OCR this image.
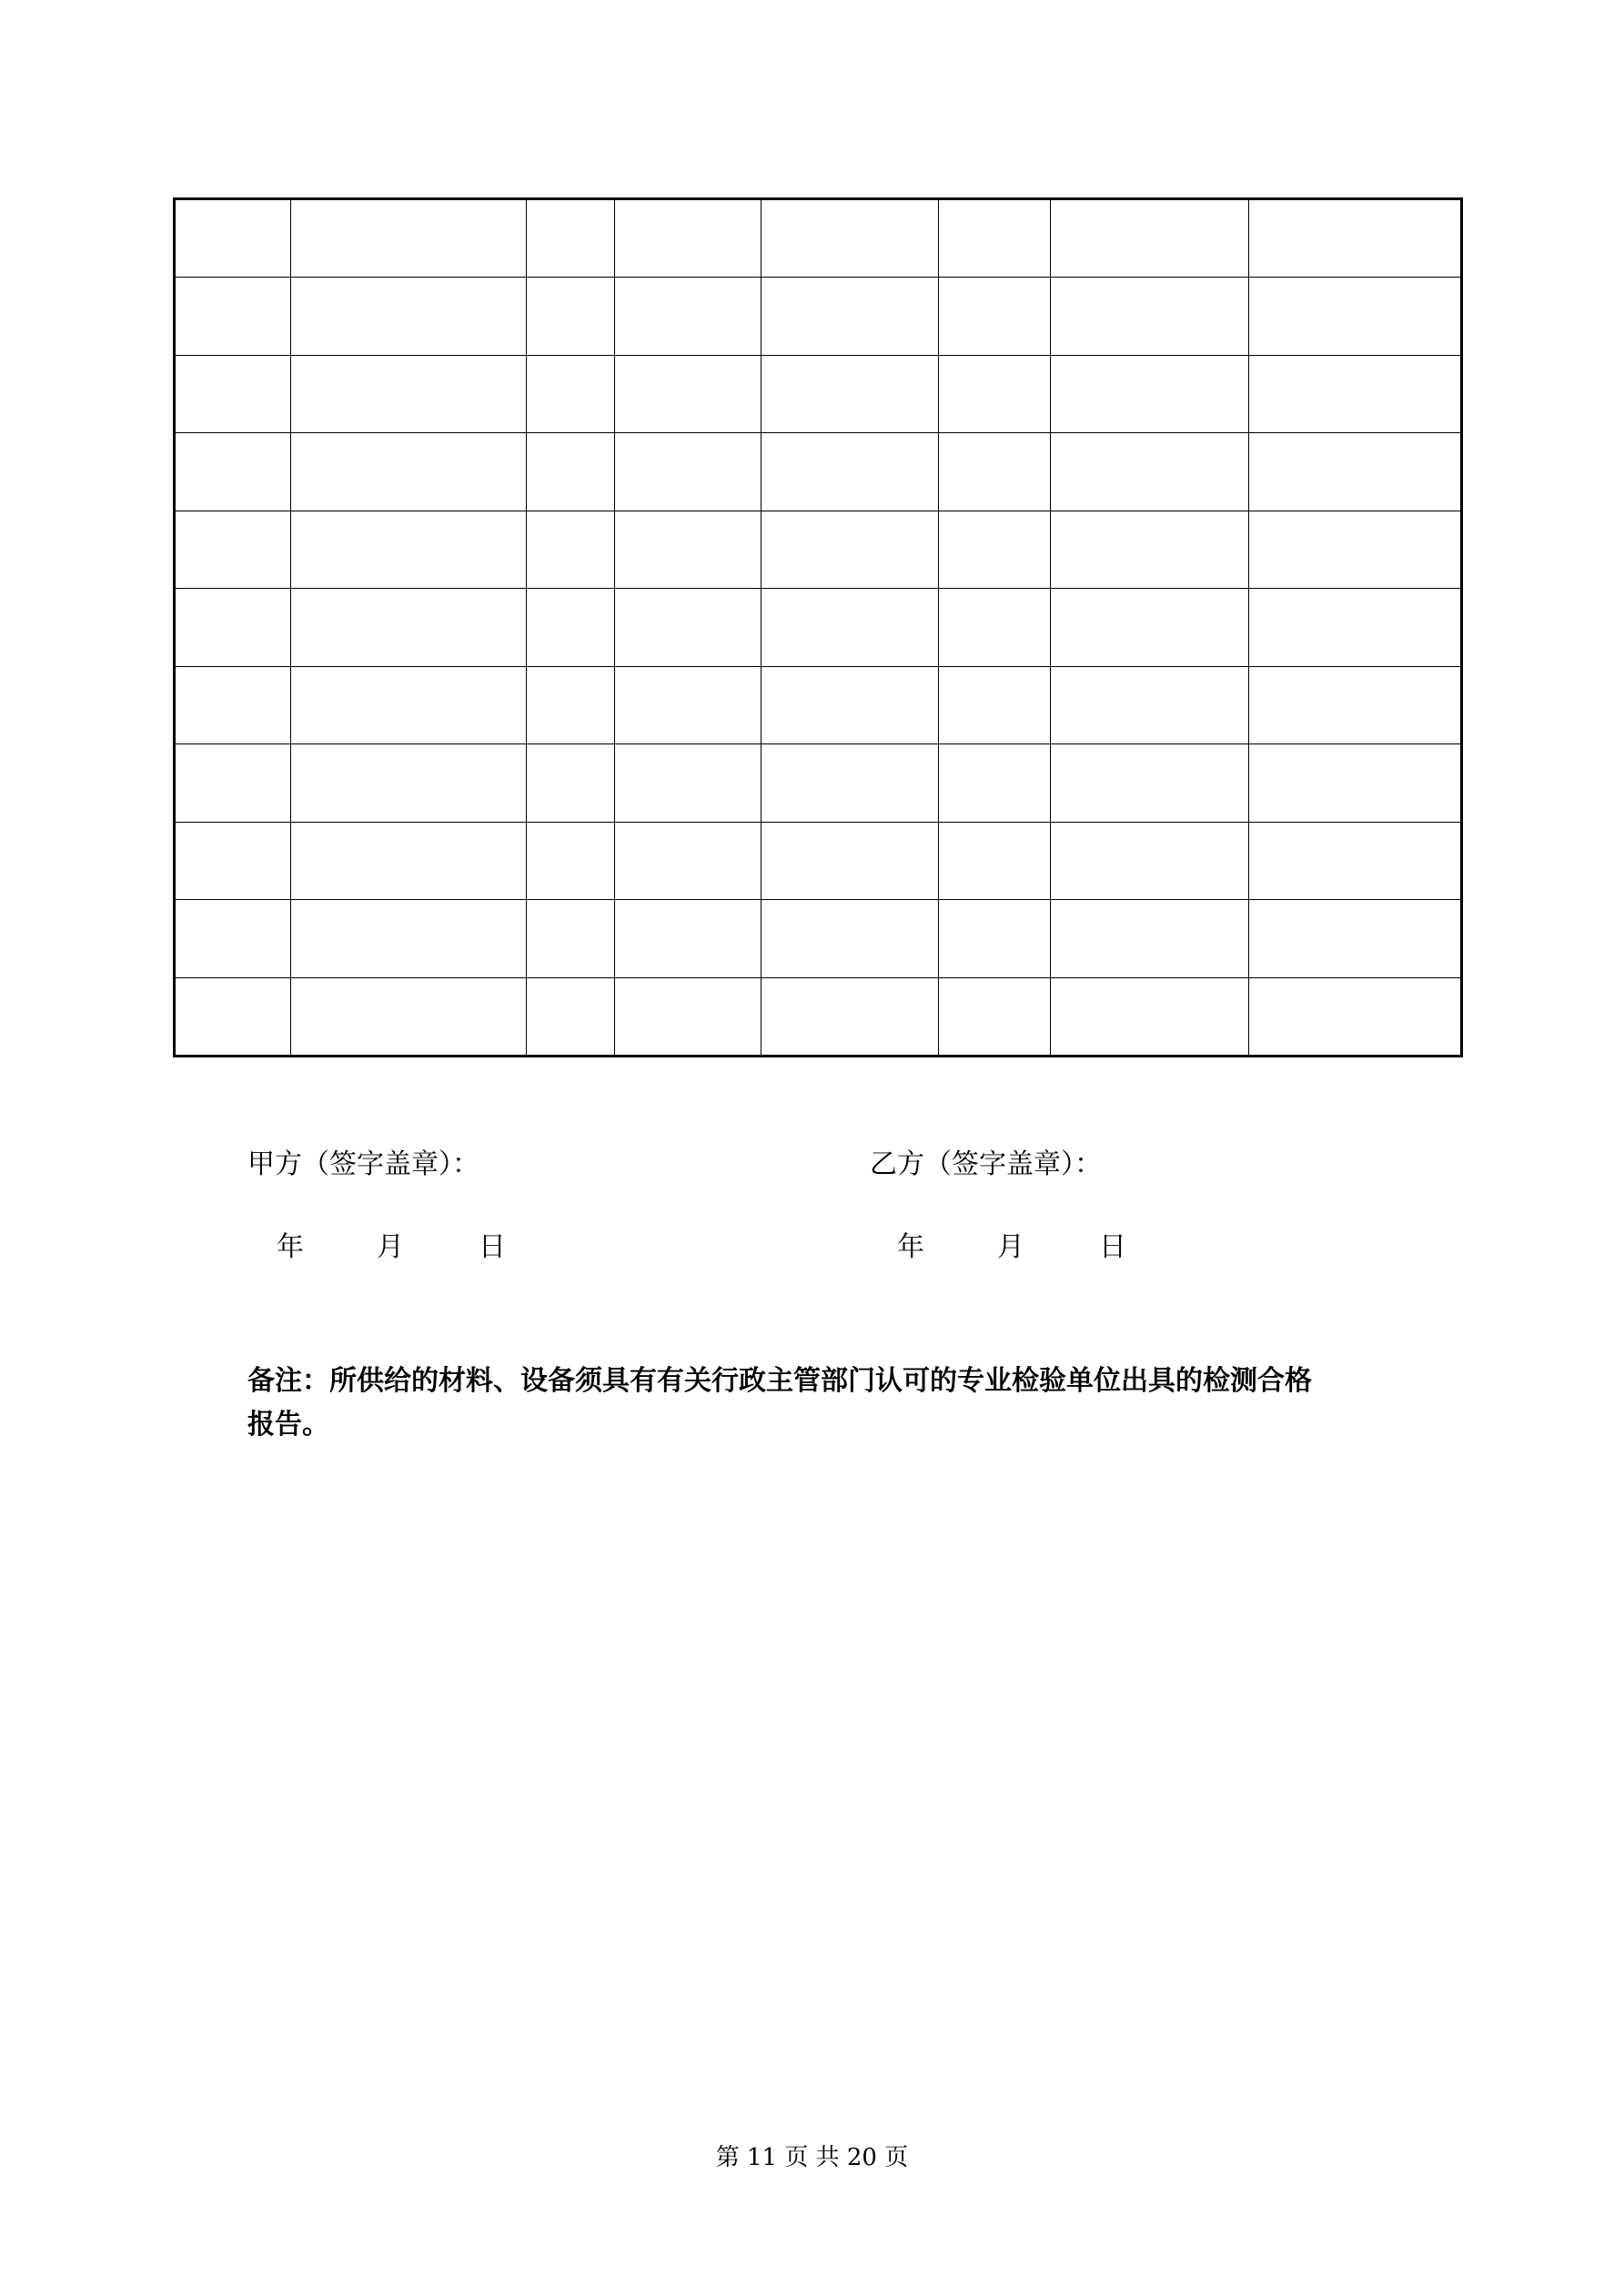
甲方（签字盖章）：	乙方（签字盖章）：
年	月	日	年	月	日
备注：所供给的材料、设备须具有有关行政主管部门认可的专业检验单位出具的检测合格
报告。
第 11 页 共 20 页
